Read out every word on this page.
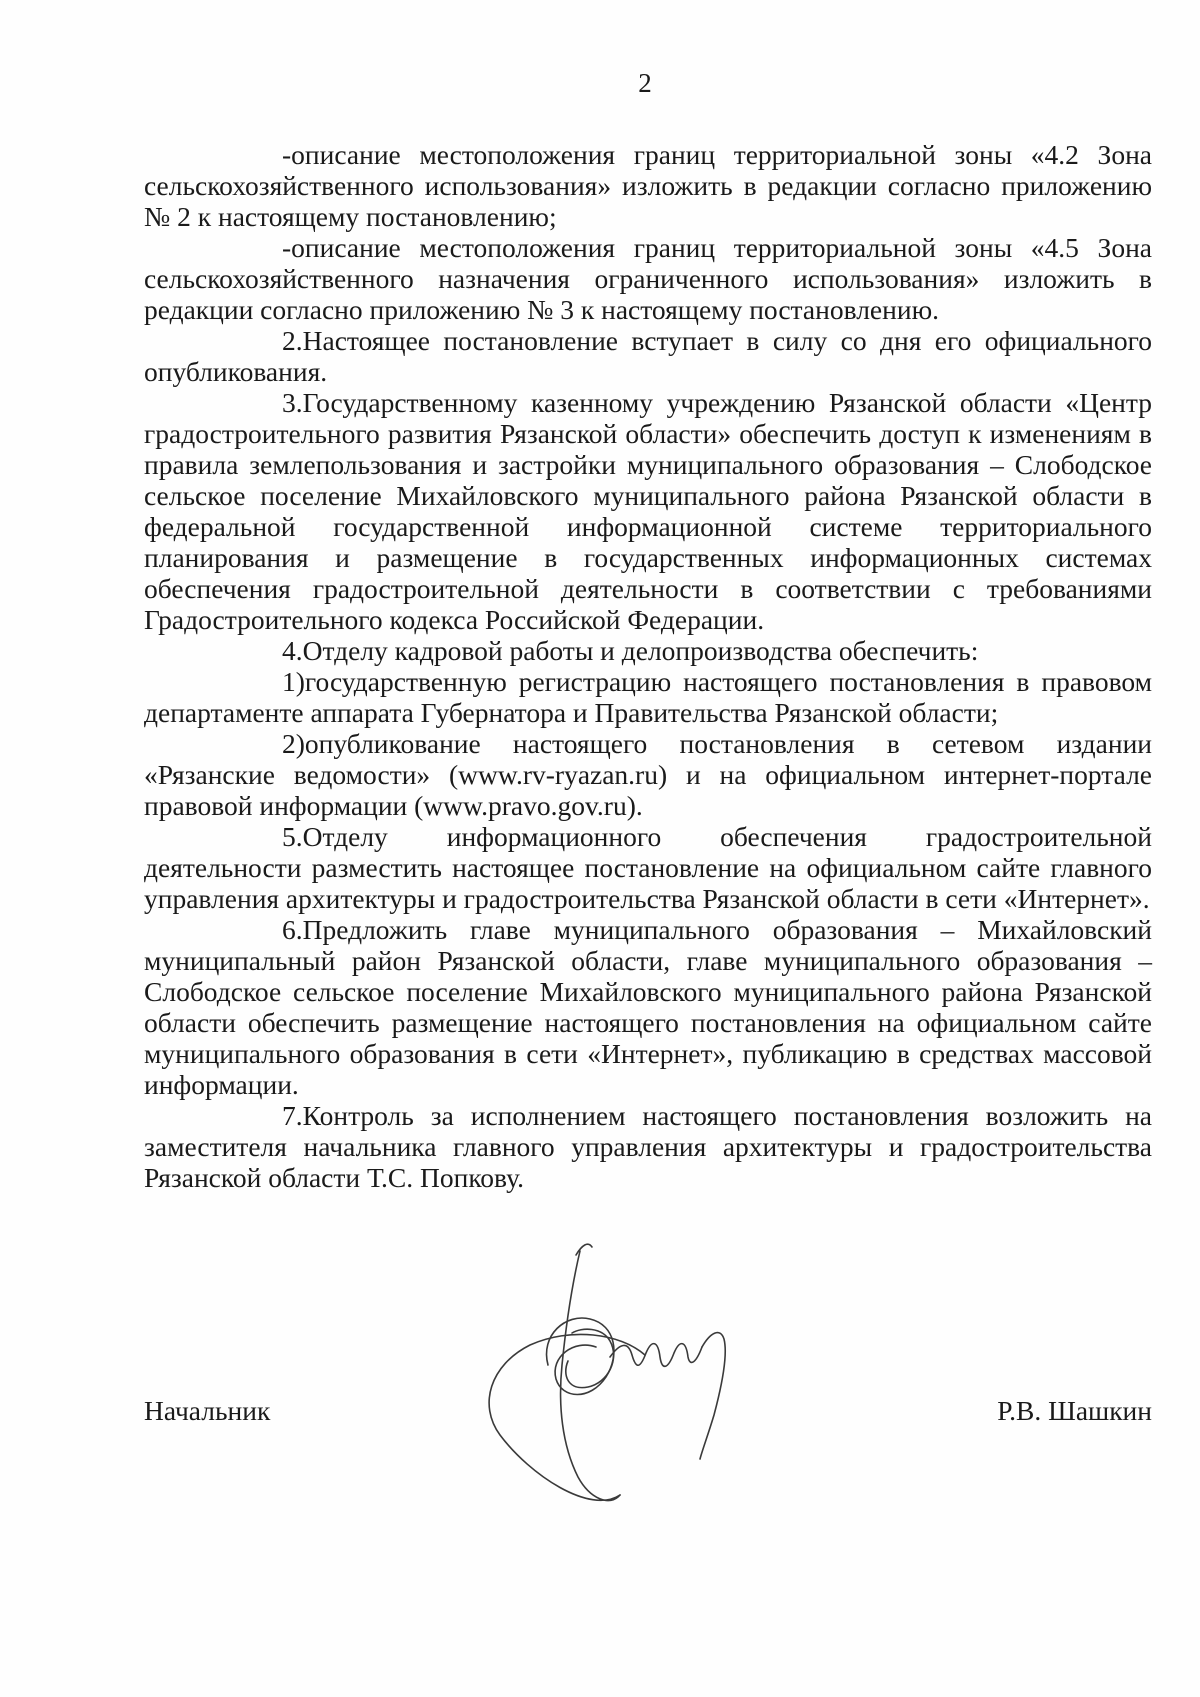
2

-описание местоположения границ территориальной зоны «4.2 Зона сельскохозяйственного использования» изложить в редакции согласно приложению № 2 к настоящему постановлению;

-описание местоположения границ территориальной зоны «4.5 Зона сельскохозяйственного назначения ограниченного использования» изложить в редакции согласно приложению № 3 к настоящему постановлению.

2.Настоящее постановление вступает в силу со дня его официального опубликования.

3.Государственному казенному учреждению Рязанской области «Центр градостроительного развития Рязанской области» обеспечить доступ к изменениям в правила землепользования и застройки муниципального образования – Слободское сельское поселение Михайловского муниципального района Рязанской области в федеральной государственной информационной системе территориального планирования и размещение в государственных информационных системах обеспечения градостроительной деятельности в соответствии с требованиями Градостроительного кодекса Российской Федерации.

4.Отделу кадровой работы и делопроизводства обеспечить:

1)государственную регистрацию настоящего постановления в правовом департаменте аппарата Губернатора и Правительства Рязанской области;

2)опубликование настоящего постановления в сетевом издании «Рязанские ведомости» (www.rv-ryazan.ru) и на официальном интернет-портале правовой информации (www.pravo.gov.ru).

5.Отделу информационного обеспечения градостроительной деятельности разместить настоящее постановление на официальном сайте главного управления архитектуры и градостроительства Рязанской области в сети «Интернет».

6.Предложить главе муниципального образования – Михайловский муниципальный район Рязанской области, главе муниципального образования – Слободское сельское поселение Михайловского муниципального района Рязанской области обеспечить размещение настоящего постановления на официальном сайте муниципального образования в сети «Интернет», публикацию в средствах массовой информации.

7.Контроль за исполнением настоящего постановления возложить на заместителя начальника главного управления архитектуры и градостроительства Рязанской области Т.С. Попкову.

Начальник	Р.В. Шашкин
